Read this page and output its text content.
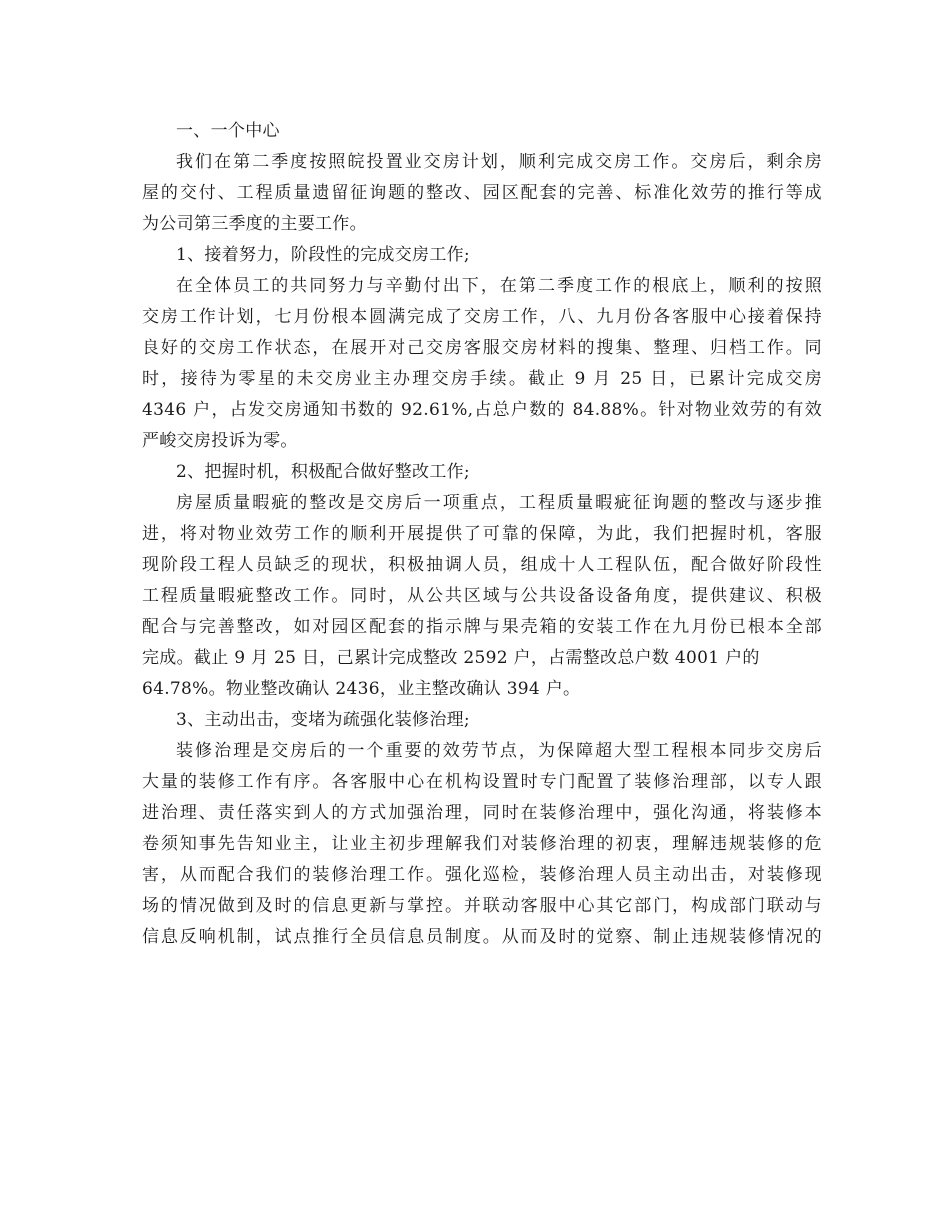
一、一个中心
我们在第二季度按照皖投置业交房计划，顺利完成交房工作。交房后，剩余房
屋的交付、工程质量遗留征询题的整改、园区配套的完善、标准化效劳的推行等成
为公司第三季度的主要工作。
1、接着努力，阶段性的完成交房工作;
在全体员工的共同努力与辛勤付出下，在第二季度工作的根底上，顺利的按照
交房工作计划，七月份根本圆满完成了交房工作，八、九月份各客服中心接着保持
良好的交房工作状态，在展开对己交房客服交房材料的搜集、整理、归档工作。同
时，接待为零星的未交房业主办理交房手续。截止 9 月 25 日，已累计完成交房
4346 户，占发交房通知书数的 92.61%,占总户数的 84.88%。针对物业效劳的有效
严峻交房投诉为零。
2、把握时机，积极配合做好整改工作;
房屋质量暇疵的整改是交房后一项重点，工程质量暇疵征询题的整改与逐步推
进，将对物业效劳工作的顺利开展提供了可靠的保障，为此，我们把握时机，客服
现阶段工程人员缺乏的现状，积极抽调人员，组成十人工程队伍，配合做好阶段性
工程质量暇疵整改工作。同时，从公共区域与公共设备设备角度，提供建议、积极
配合与完善整改，如对园区配套的指示牌与果壳箱的安装工作在九月份已根本全部
完成。截止 9 月 25 日，己累计完成整改 2592 户，占需整改总户数 4001 户的
64.78%。物业整改确认 2436，业主整改确认 394 户。
3、主动出击，变堵为疏强化装修治理;
装修治理是交房后的一个重要的效劳节点，为保障超大型工程根本同步交房后
大量的装修工作有序。各客服中心在机构设置时专门配置了装修治理部，以专人跟
进治理、责任落实到人的方式加强治理，同时在装修治理中，强化沟通，将装修本
卷须知事先告知业主，让业主初步理解我们对装修治理的初衷，理解违规装修的危
害，从而配合我们的装修治理工作。强化巡检，装修治理人员主动出击，对装修现
场的情况做到及时的信息更新与掌控。并联动客服中心其它部门，构成部门联动与
信息反响机制，试点推行全员信息员制度。从而及时的觉察、制止违规装修情况的
